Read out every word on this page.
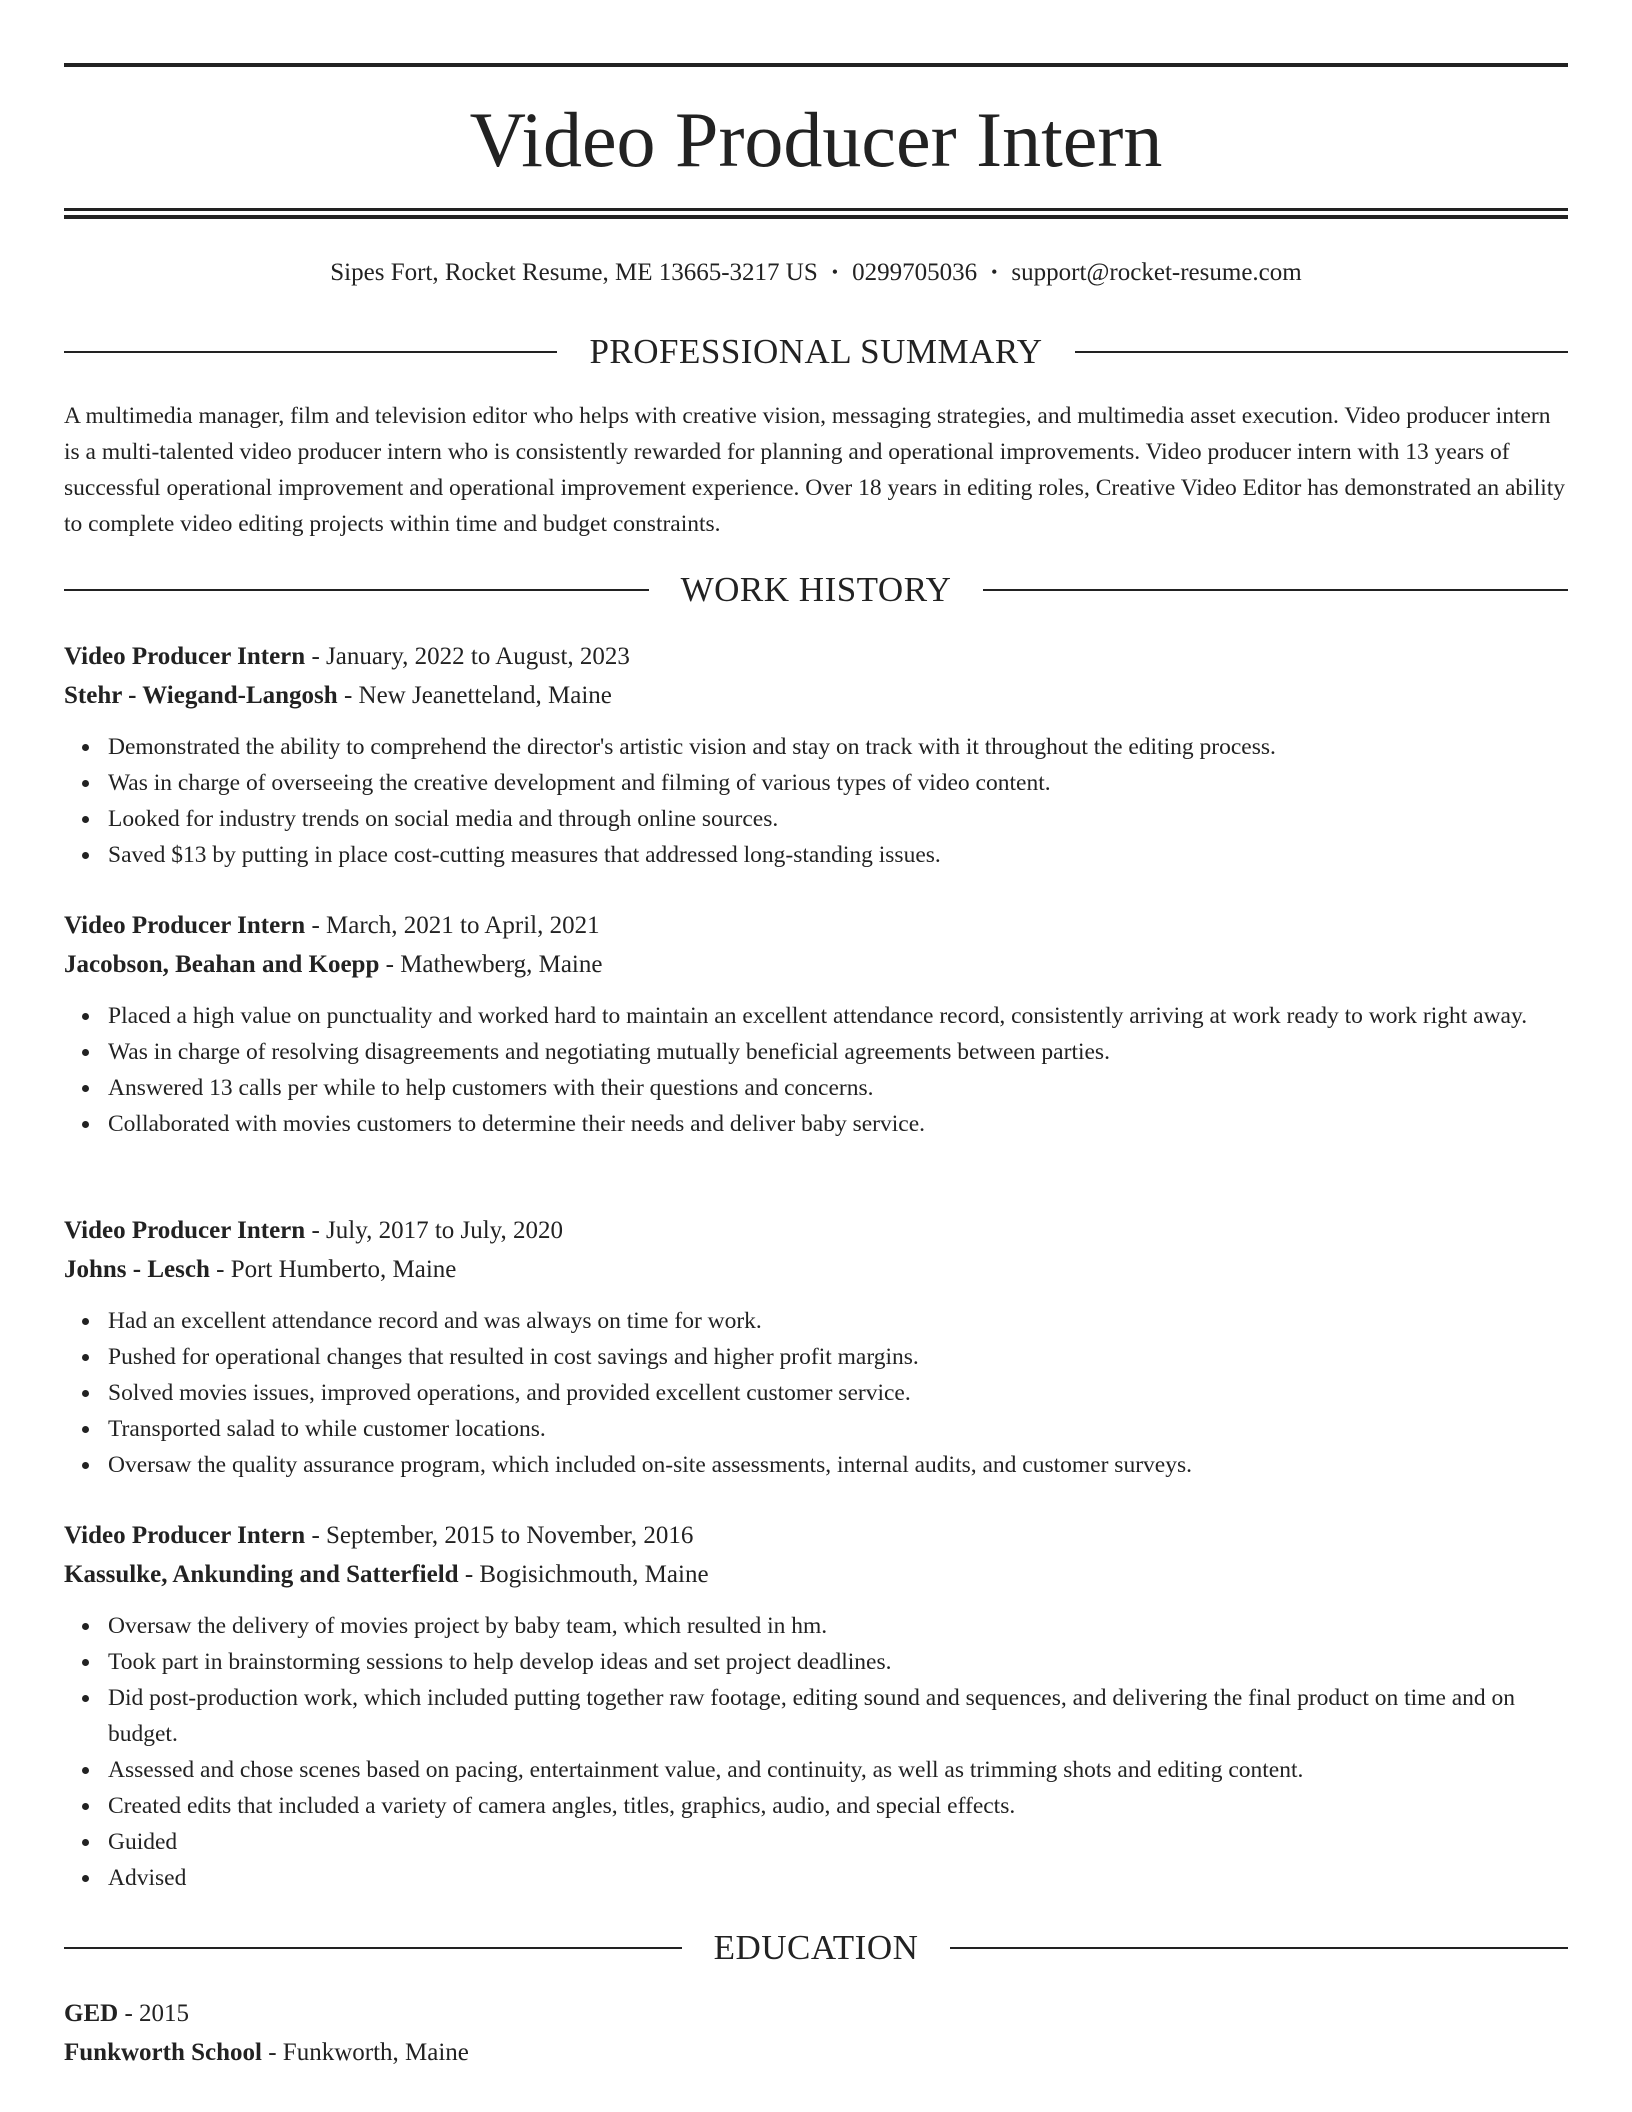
Video Producer Intern
Sipes Fort, Rocket Resume, ME 13665-3217 US • 0299705036 • support@rocket-resume.com
PROFESSIONAL SUMMARY

A multimedia manager, film and television editor who helps with creative vision, messaging strategies, and multimedia asset execution. Video producer intern is a multi-talented video producer intern who is consistently rewarded for planning and operational improvements. Video producer intern with 13 years of successful operational improvement and operational improvement experience. Over 18 years in editing roles, Creative Video Editor has demonstrated an ability to complete video editing projects within time and budget constraints.

WORK HISTORY
Video Producer Intern - January, 2022 to August, 2023
Stehr - Wiegand-Langosh - New Jeanetteland, Maine
Demonstrated the ability to comprehend the director's artistic vision and stay on track with it throughout the editing process.
Was in charge of overseeing the creative development and filming of various types of video content.
Looked for industry trends on social media and through online sources.
Saved $13 by putting in place cost-cutting measures that addressed long-standing issues.
Video Producer Intern - March, 2021 to April, 2021
Jacobson, Beahan and Koepp - Mathewberg, Maine
Placed a high value on punctuality and worked hard to maintain an excellent attendance record, consistently arriving at work ready to work right away.
Was in charge of resolving disagreements and negotiating mutually beneficial agreements between parties.
Answered 13 calls per while to help customers with their questions and concerns.
Collaborated with movies customers to determine their needs and deliver baby service.
Video Producer Intern - July, 2017 to July, 2020
Johns - Lesch - Port Humberto, Maine
Had an excellent attendance record and was always on time for work.
Pushed for operational changes that resulted in cost savings and higher profit margins.
Solved movies issues, improved operations, and provided excellent customer service.
Transported salad to while customer locations.
Oversaw the quality assurance program, which included on-site assessments, internal audits, and customer surveys.
Video Producer Intern - September, 2015 to November, 2016
Kassulke, Ankunding and Satterfield - Bogisichmouth, Maine
Oversaw the delivery of movies project by baby team, which resulted in hm.
Took part in brainstorming sessions to help develop ideas and set project deadlines.
Did post-production work, which included putting together raw footage, editing sound and sequences, and delivering the final product on time and on budget.
Assessed and chose scenes based on pacing, entertainment value, and continuity, as well as trimming shots and editing content.
Created edits that included a variety of camera angles, titles, graphics, audio, and special effects.
Guided
Advised
EDUCATION
GED - 2015
Funkworth School - Funkworth, Maine
